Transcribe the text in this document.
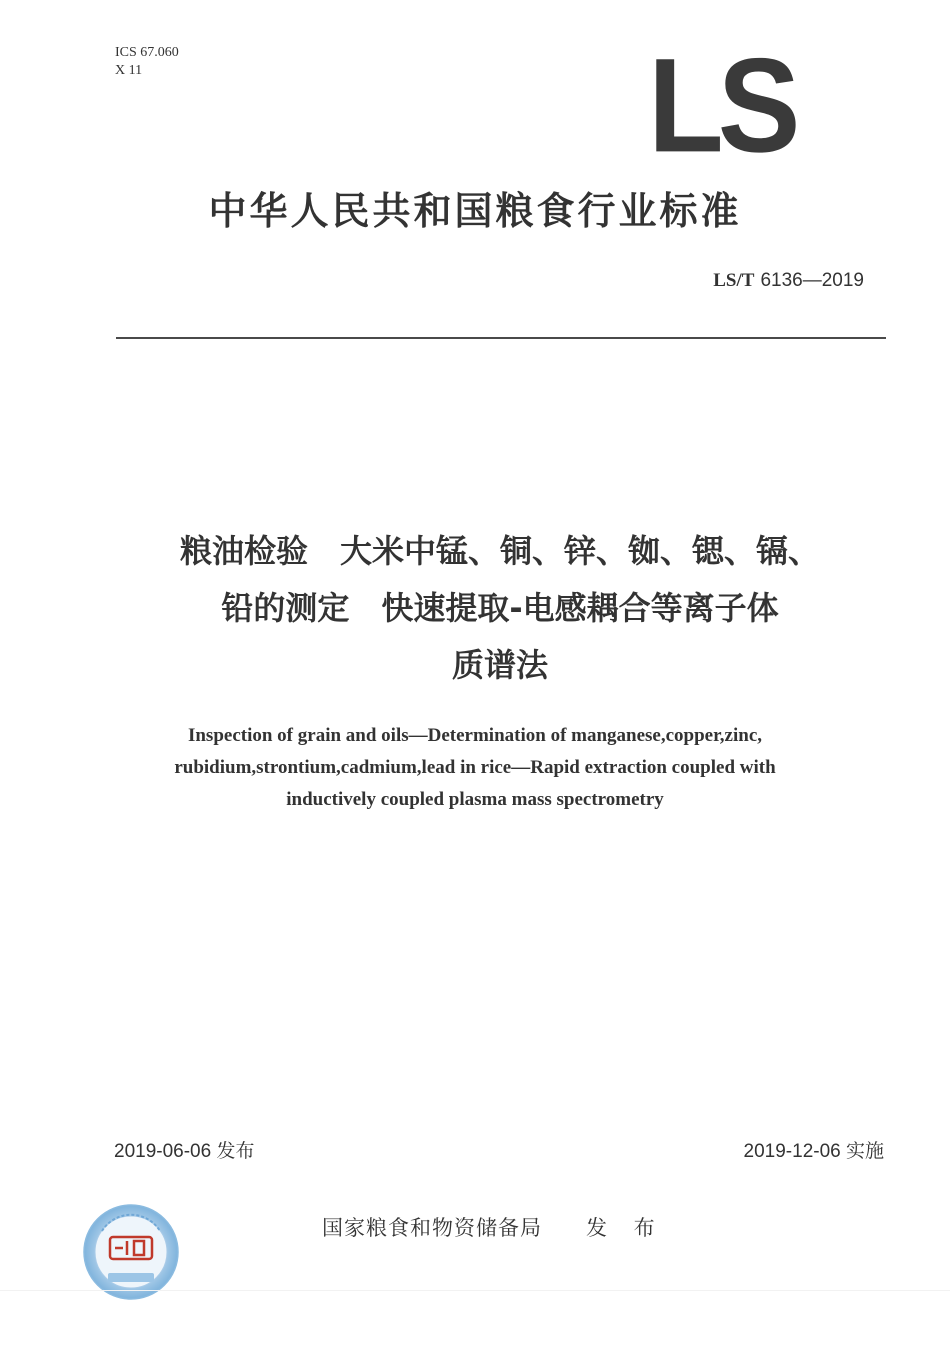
ICS 67.060
X 11	LS
中华人民共和国粮食行业标准
LS/T 6136—2019
粮油检验　大米中锰、铜、锌、铷、锶、镉、
铅的测定　快速提取-电感耦合等离子体
质谱法
Inspection of grain and oils—Determination of manganese,copper,zinc,
rubidium,strontium,cadmium,lead in rice—Rapid extraction coupled with
inductively coupled plasma mass spectrometry
2019-06-06 发布	2019-12-06 实施
国家粮食和物资储备局 发 布
